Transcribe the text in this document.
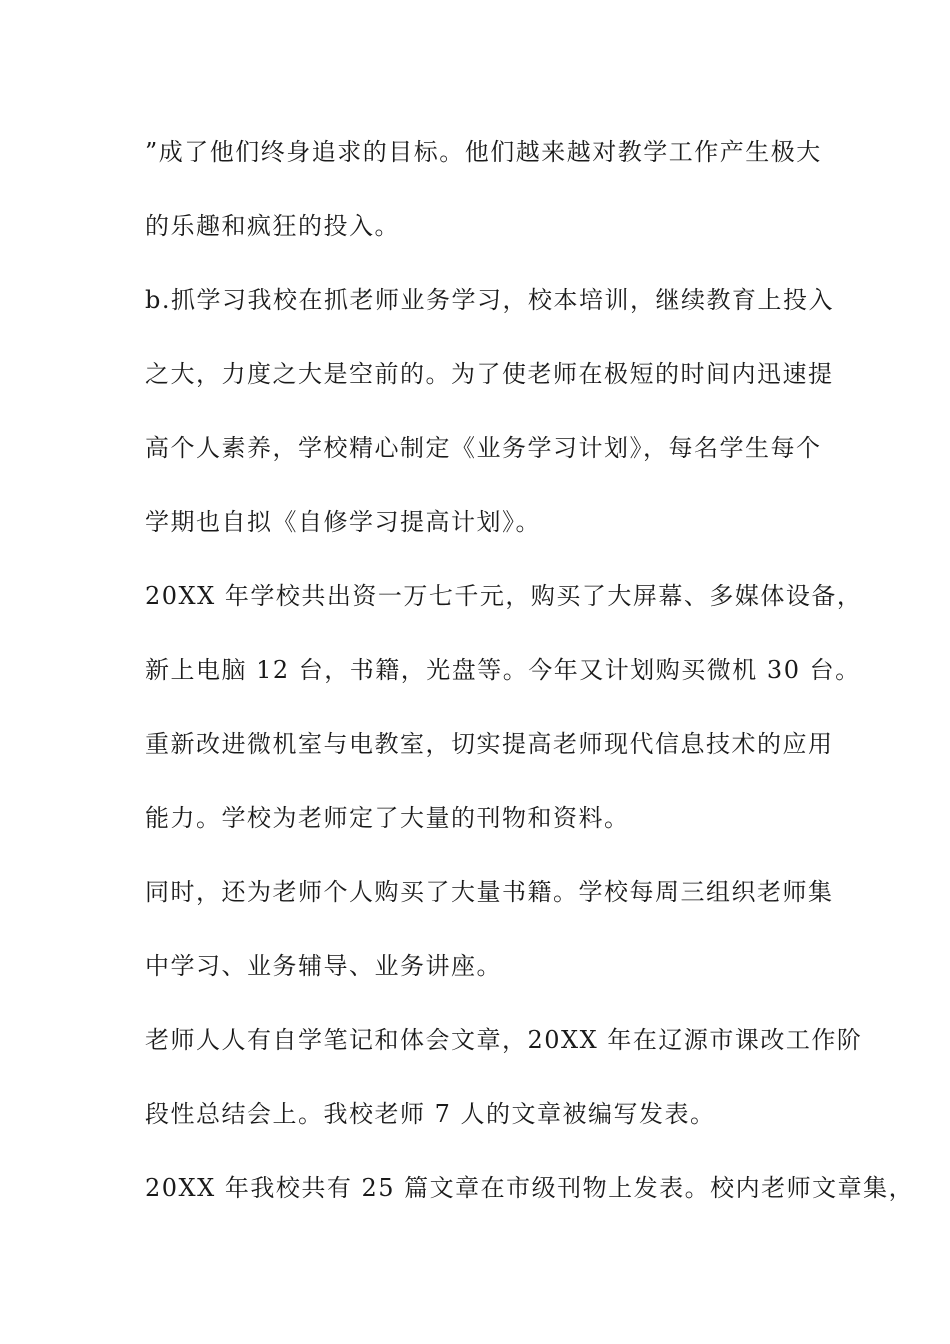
”成了他们终身追求的目标。他们越来越对教学工作产生极大
的乐趣和疯狂的投入。
b.抓学习我校在抓老师业务学习，校本培训，继续教育上投入
之大，力度之大是空前的。为了使老师在极短的时间内迅速提
高个人素养，学校精心制定《业务学习计划》，每名学生每个
学期也自拟《自修学习提高计划》。
20XX 年学校共出资一万七千元，购买了大屏幕、多媒体设备，
新上电脑 12 台，书籍，光盘等。今年又计划购买微机 30 台。
重新改进微机室与电教室，切实提高老师现代信息技术的应用
能力。学校为老师定了大量的刊物和资料。
同时，还为老师个人购买了大量书籍。学校每周三组织老师集
中学习、业务辅导、业务讲座。
老师人人有自学笔记和体会文章，20XX 年在辽源市课改工作阶
段性总结会上。我校老师 7 人的文章被编写发表。
20XX 年我校共有 25 篇文章在市级刊物上发表。校内老师文章集，
